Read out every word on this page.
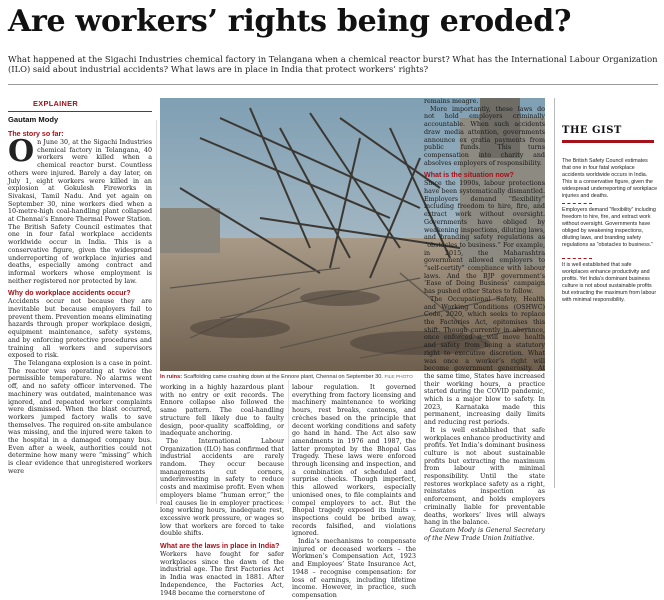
Are workers’ rights being eroded?
What happened at the Sigachi Industries chemical factory in Telangana when a chemical reactor burst? What has the International Labour Organization (ILO) said about industrial accidents? What laws are in place in India that protect workers’ rights?
EXPLAINER
Gautam Mody
The story so far:

On June 30, at the Sigachi Industries chemical factory in Telangana, 40 workers were killed when a chemical reactor burst. Countless others were injured. Barely a day later, on July 1, eight workers were killed in an explosion at Gokulesh Fireworks in Sivakasi, Tamil Nadu. And yet again on September 30, nine workers died when a 10-metre-high coal-handling plant collapsed at Chennai’s Ennore Thermal Power Station. The British Safety Council estimates that one in four fatal workplace accidents worldwide occur in India. This is a conservative figure, given the widespread underreporting of workplace injuries and deaths, especially among contract and informal workers whose employment is neither registered nor protected by law.

Why do workplace accidents occur?

Accidents occur not because they are inevitable but because employers fail to prevent them. Prevention means eliminating hazards through proper workplace design, equipment maintenance, safety systems, and by enforcing protective procedures and training all workers and supervisors exposed to risk.

The Telangana explosion is a case in point. The reactor was operating at twice the permissible temperature. No alarms went off, and no safety officer intervened. The machinery was outdated, maintenance was ignored, and repeated worker complaints were dismissed. When the blast occurred, workers jumped factory walls to save themselves. The required on-site ambulance was missing, and the injured were taken to the hospital in a damaged company bus. Even after a week, authorities could not determine how many were “missing” which is clear evidence that unregistered workers were

In ruins: Scaffolding came crashing down at the Ennore plant, Chennai on September 30. FILE PHOTO

working in a highly hazardous plant with no entry or exit records. The Ennore collapse also followed the same pattern. The coal-handling structure fell likely due to faulty design, poor-quality scaffolding, or inadequate anchoring.

The International Labour Organization (ILO) has confirmed that industrial accidents are rarely random. They occur because managements cut corners, underinvesting in safety to reduce costs and maximise profit. Even when employers blame “human error,” the real causes lie in employer practices: long working hours, inadequate rest, excessive work pressure, or wages so low that workers are forced to take double shifts.

What are the laws in place in India?

Workers have fought for safer workplaces since the dawn of the industrial age. The first Factories Act in India was enacted in 1881. After Independence, the Factories Act, 1948 became the cornerstone of

labour regulation. It governed everything from factory licensing and machinery maintenance to working hours, rest breaks, canteens, and crèches based on the principle that decent working conditions and safety go hand in hand. The Act also saw amendments in 1976 and 1987, the latter prompted by the Bhopal Gas Tragedy. These laws were enforced through licensing and inspection, and a combination of scheduled and surprise checks. Though imperfect, this allowed workers, especially unionised ones, to file complaints and compel employers to act. But the Bhopal tragedy exposed its limits – inspections could be bribed away, records falsified, and violations ignored.

India’s mechanisms to compensate injured or deceased workers – the Workmen’s Compensation Act, 1923 and Employees’ State Insurance Act, 1948 – recognise compensation: for loss of earnings, including lifetime income. However, in practice, such compensation

remains meagre.

More importantly, these laws do not hold employers criminally accountable. When such accidents draw media attention, governments announce ex gratia payments from public funds. This turns compensation into charity and absolves employers of responsibility.

What is the situation now?

Since the 1990s, labour protections have been systematically dismantled. Employers demand “flexibility” including freedom to hire, fire, and extract work without oversight. Governments have obliged by weakening inspections, diluting laws, and branding safety regulations as “obstacles to business.” For example, in 2015, the Maharashtra government allowed employers to “self-certify” compliance with labour laws. And the BJP government’s ‘Ease of Doing Business’ campaign has pushed other States to follow.

The Occupational Safety, Health and Working Conditions (OSHWC) Code, 2020, which seeks to replace the Factories Act, epitomises this shift. Though currently in abeyance, once enforced it will move health and safety from being a statutory right to executive discretion. What was once a worker’s right will become government generosity. At the same time, States have increased their working hours, a practice started during the COVID pandemic, which is a major blow to safety. In 2023, Karnataka made this permanent, increasing daily limits and reducing rest periods.

It is well established that safe workplaces enhance productivity and profits. Yet India’s dominant business culture is not about sustainable profits but extracting the maximum from labour with minimal responsibility. Until the state restores workplace safety as a right, reinstates inspection as enforcement, and holds employers criminally liable for preventable deaths, workers’ lives will always hang in the balance.

Gautam Mody is General Secretary of the New Trade Union Initiative.

THE GIST
The British Safety Council estimates that one in four fatal workplace accidents worldwide occurs in India. This is a conservative figure, given the widespread underreporting of workplace injuries and deaths.
Employers demand “flexibility” including freedom to hire, fire, and extract work without oversight. Governments have obliged by weakening inspections, diluting laws, and branding safety regulations as “obstacles to business.”
It is well established that safe workplaces enhance productivity and profits. Yet India’s dominant business culture is not about sustainable profits but extracting the maximum from labour with minimal responsibility.
